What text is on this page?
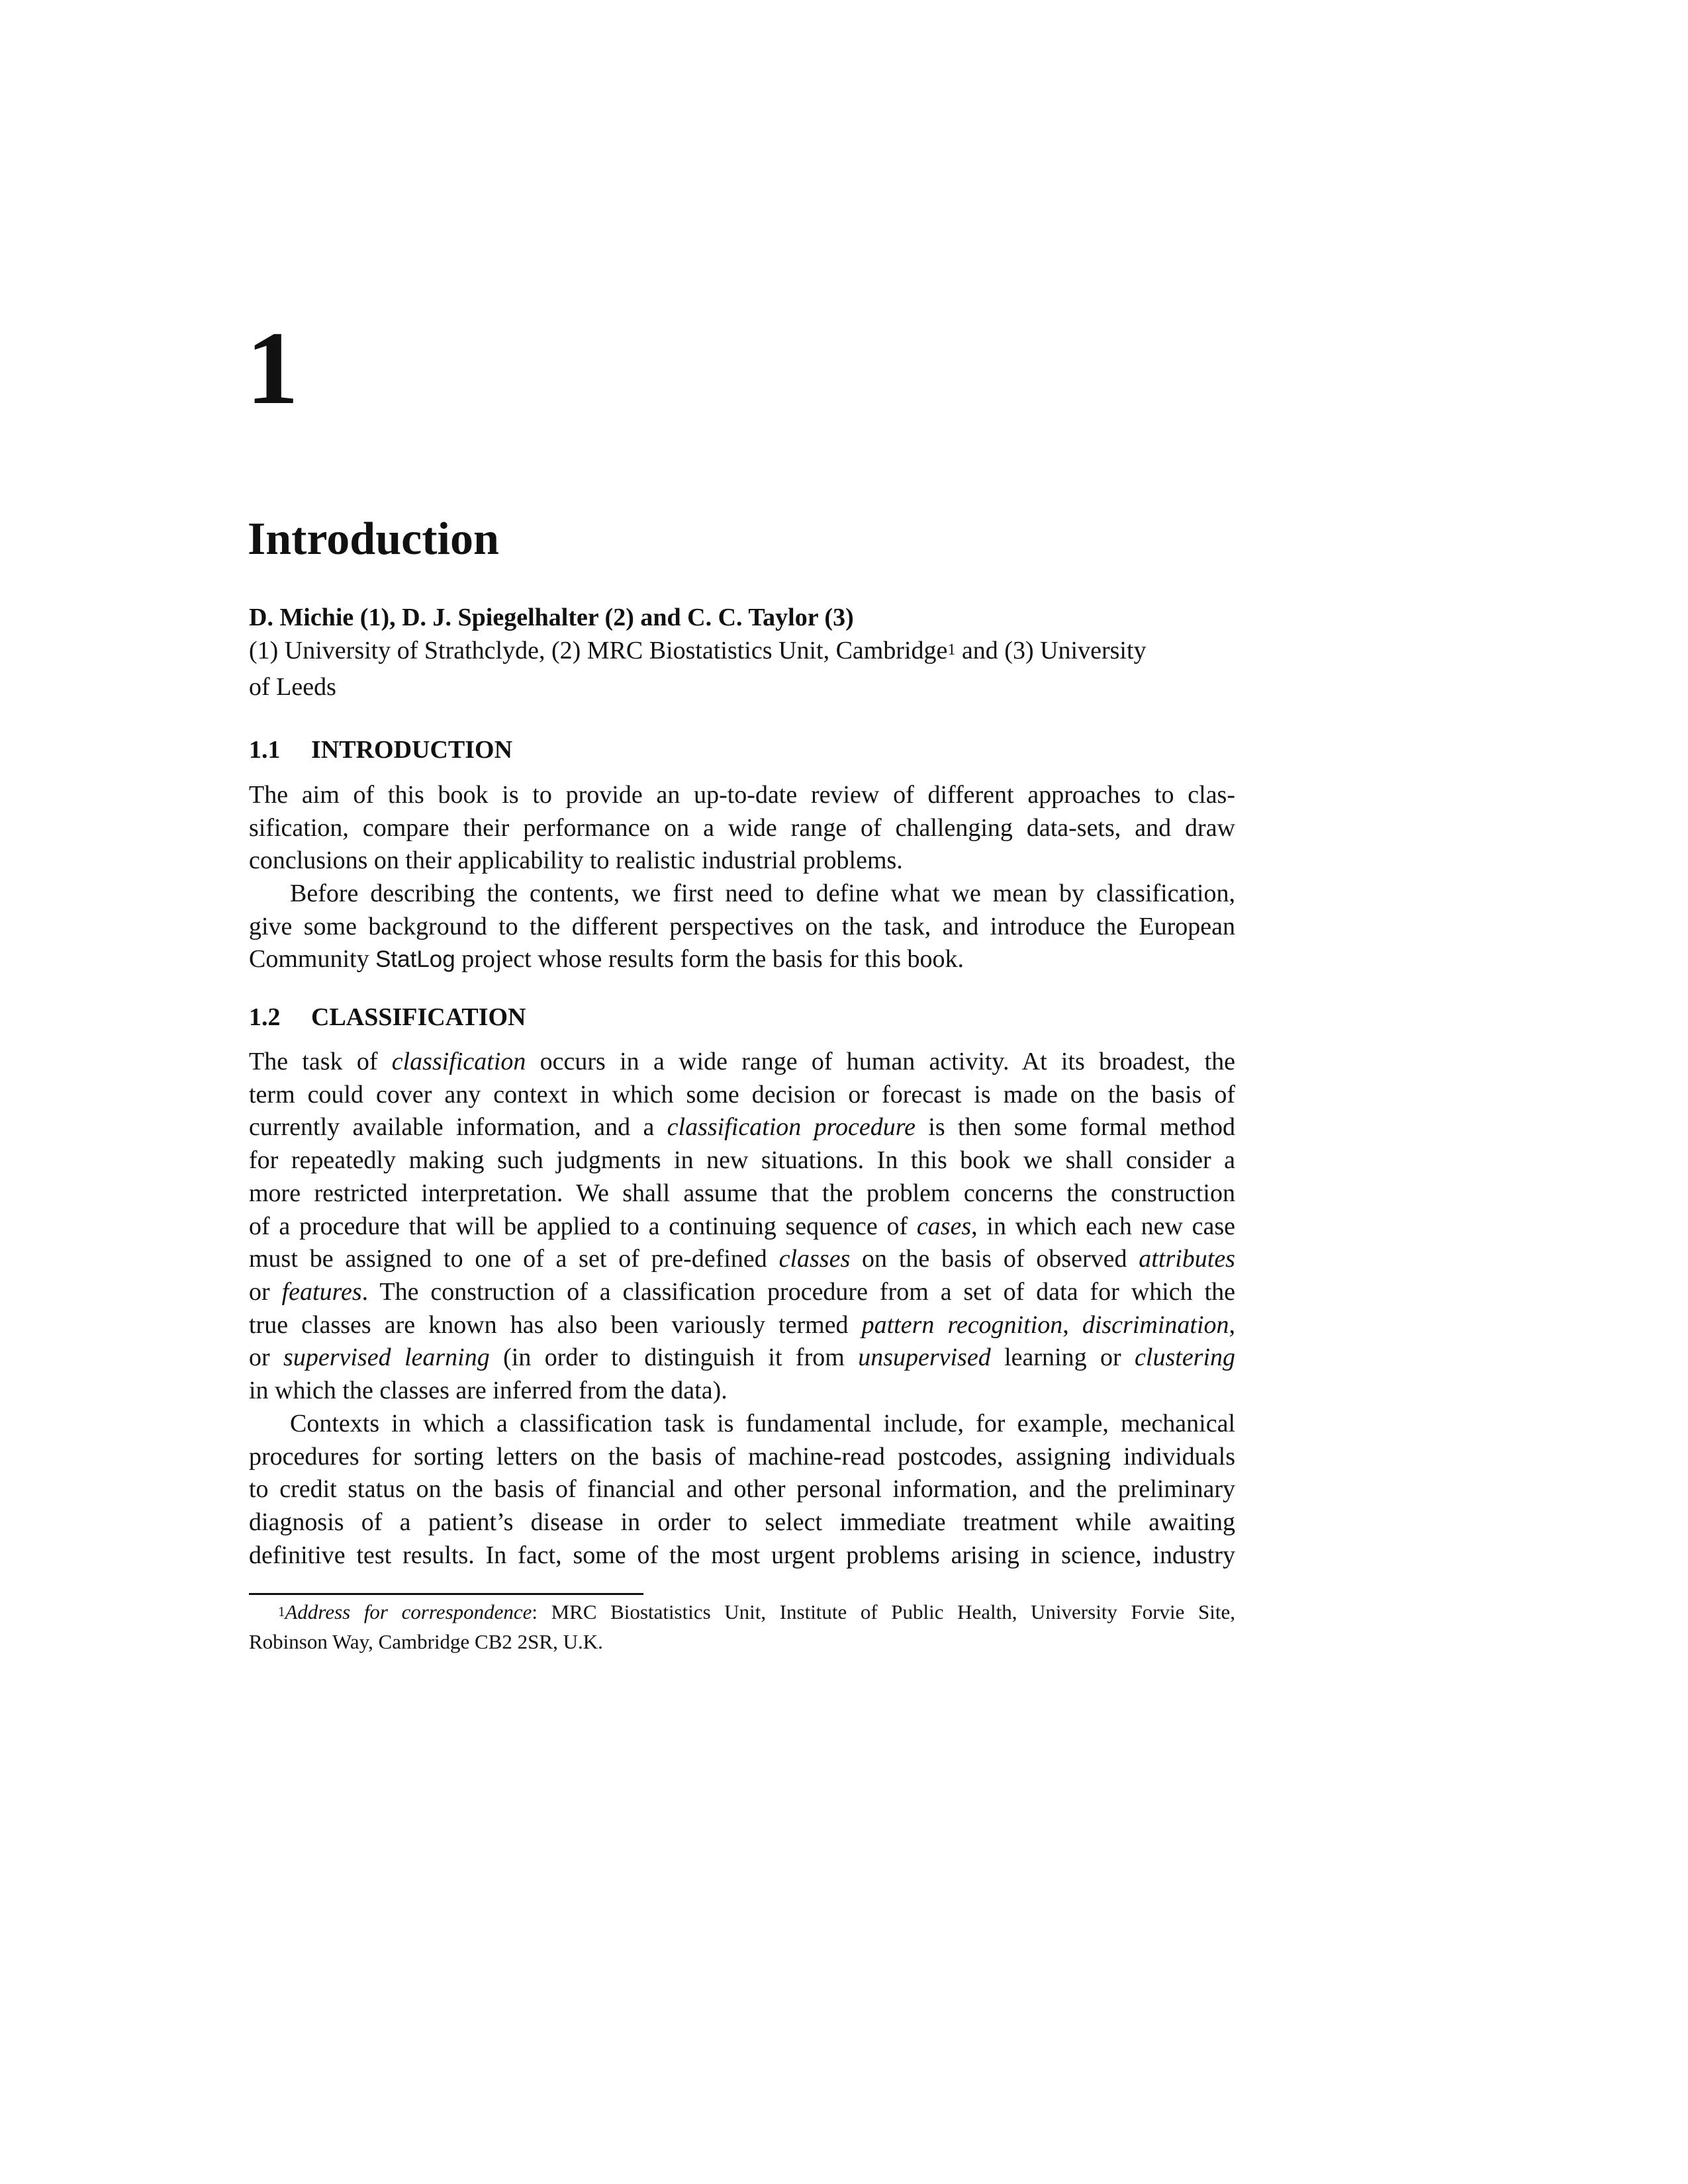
1
Introduction
D. Michie (1), D. J. Spiegelhalter (2) and C. C. Taylor (3)
(1) University of Strathclyde, (2) MRC Biostatistics Unit, Cambridge$^1$ and (3) University
of Leeds
1.1 INTRODUCTION

The aim of this book is to provide an up-to-date review of different approaches to clas-

sification, compare their performance on a wide range of challenging data-sets, and draw

conclusions on their applicability to realistic industrial problems.

Before describing the contents, we first need to define what we mean by classification,

give some background to the different perspectives on the task, and introduce the European

Community StatLog project whose results form the basis for this book.

1.2 CLASSIFICATION

The task of classification occurs in a wide range of human activity. At its broadest, the

term could cover any context in which some decision or forecast is made on the basis of

currently available information, and a classification procedure is then some formal method

for repeatedly making such judgments in new situations. In this book we shall consider a

more restricted interpretation. We shall assume that the problem concerns the construction

of a procedure that will be applied to a continuing sequence of cases, in which each new case

must be assigned to one of a set of pre-defined classes on the basis of observed attributes

or features. The construction of a classification procedure from a set of data for which the

true classes are known has also been variously termed pattern recognition, discrimination,

or supervised learning (in order to distinguish it from unsupervised learning or clustering

in which the classes are inferred from the data).

Contexts in which a classification task is fundamental include, for example, mechanical

procedures for sorting letters on the basis of machine-read postcodes, assigning individuals

to credit status on the basis of financial and other personal information, and the preliminary

diagnosis of a patient’s disease in order to select immediate treatment while awaiting

definitive test results. In fact, some of the most urgent problems arising in science, industry

$^1$Address for correspondence: MRC Biostatistics Unit, Institute of Public Health, University Forvie Site,
Robinson Way, Cambridge CB2 2SR, U.K.
